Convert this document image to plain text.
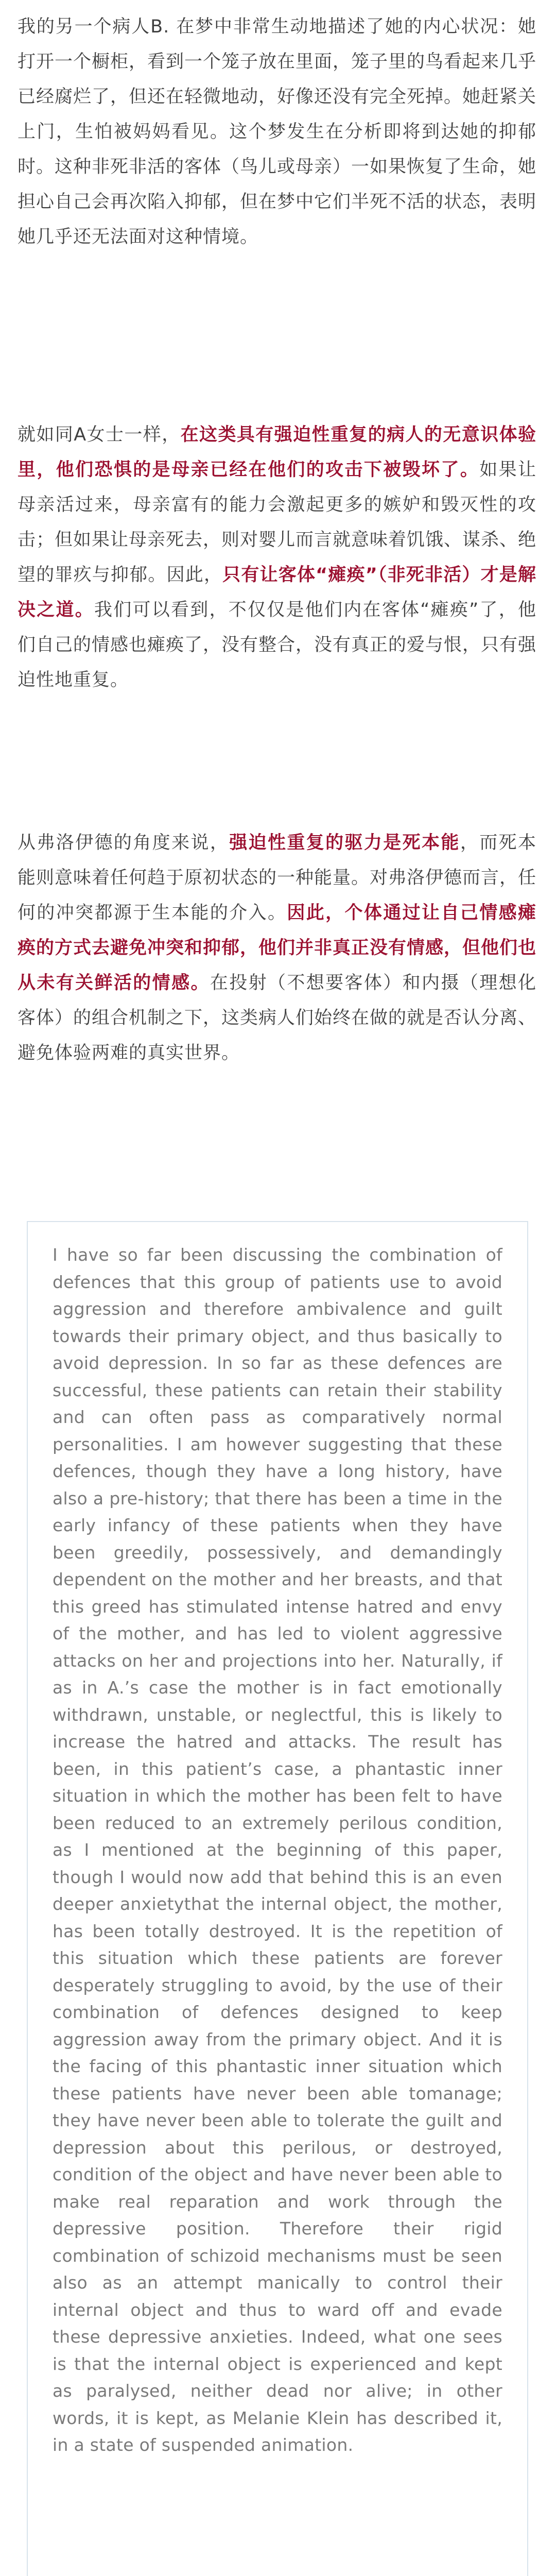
我的另一个病人B. 在梦中非常生动地描述了她的内心状况：她打开一个橱柜，看到一个笼子放在里面，笼子里的鸟看起来几乎已经腐烂了，但还在轻微地动，好像还没有完全死掉。她赶紧关上门，生怕被妈妈看见。这个梦发生在分析即将到达她的抑郁时。这种非死非活的客体（鸟儿或母亲）一如果恢复了生命，她担心自己会再次陷入抑郁，但在梦中它们半死不活的状态，表明她几乎还无法面对这种情境。

就如同A女士一样，在这类具有强迫性重复的病人的无意识体验里，他们恐惧的是母亲已经在他们的攻击下被毁坏了。如果让母亲活过来，母亲富有的能力会激起更多的嫉妒和毁灭性的攻击；但如果让母亲死去，则对婴儿而言就意味着饥饿、谋杀、绝望的罪疚与抑郁。因此，只有让客体“瘫痪”（非死非活）才是解决之道。我们可以看到，不仅仅是他们内在客体“瘫痪”了，他们自己的情感也瘫痪了，没有整合，没有真正的爱与恨，只有强迫性地重复。

从弗洛伊德的角度来说，强迫性重复的驱力是死本能，而死本能则意味着任何趋于原初状态的一种能量。对弗洛伊德而言，任何的冲突都源于生本能的介入。因此，个体通过让自己情感瘫痪的方式去避免冲突和抑郁，他们并非真正没有情感，但他们也从未有关鲜活的情感。在投射（不想要客体）和内摄（理想化客体）的组合机制之下，这类病人们始终在做的就是否认分离、避免体验两难的真实世界。

I have so far been discussing the combination of defences that this group of patients use to avoid aggression and therefore ambivalence and guilt towards their primary object, and thus basically to avoid depression. In so far as these defences are successful, these patients can retain their stability and can often pass as comparatively normal personalities. I am however suggesting that these defences, though they have a long history, have also a pre-history; that there has been a time in the early infancy of these patients when they have been greedily, possessively, and demandingly dependent on the mother and her breasts, and that this greed has stimulated intense hatred and envy of the mother, and has led to violent aggressive attacks on her and projections into her. Naturally, if as in A.’s case the mother is in fact emotionally withdrawn, unstable, or neglectful, this is likely to increase the hatred and attacks. The result has been, in this patient’s case, a phantastic inner situation in which the mother has been felt to have been reduced to an extremely perilous condition, as I mentioned at the beginning of this paper, though I would now add that behind this is an even deeper anxietythat the internal object, the mother, has been totally destroyed. It is the repetition of this situation which these patients are forever desperately struggling to avoid, by the use of their combination of defences designed to keep aggression away from the primary object. And it is the facing of this phantastic inner situation which these patients have never been able tomanage; they have never been able to tolerate the guilt and depression about this perilous, or destroyed, condition of the object and have never been able to make real reparation and work through the depressive position. Therefore their rigid combination of schizoid mechanisms must be seen also as an attempt manically to control their internal object and thus to ward off and evade these depressive anxieties. Indeed, what one sees is that the internal object is experienced and kept as paralysed, neither dead nor alive; in other words, it is kept, as Melanie Klein has described it, in a state of suspended animation.
